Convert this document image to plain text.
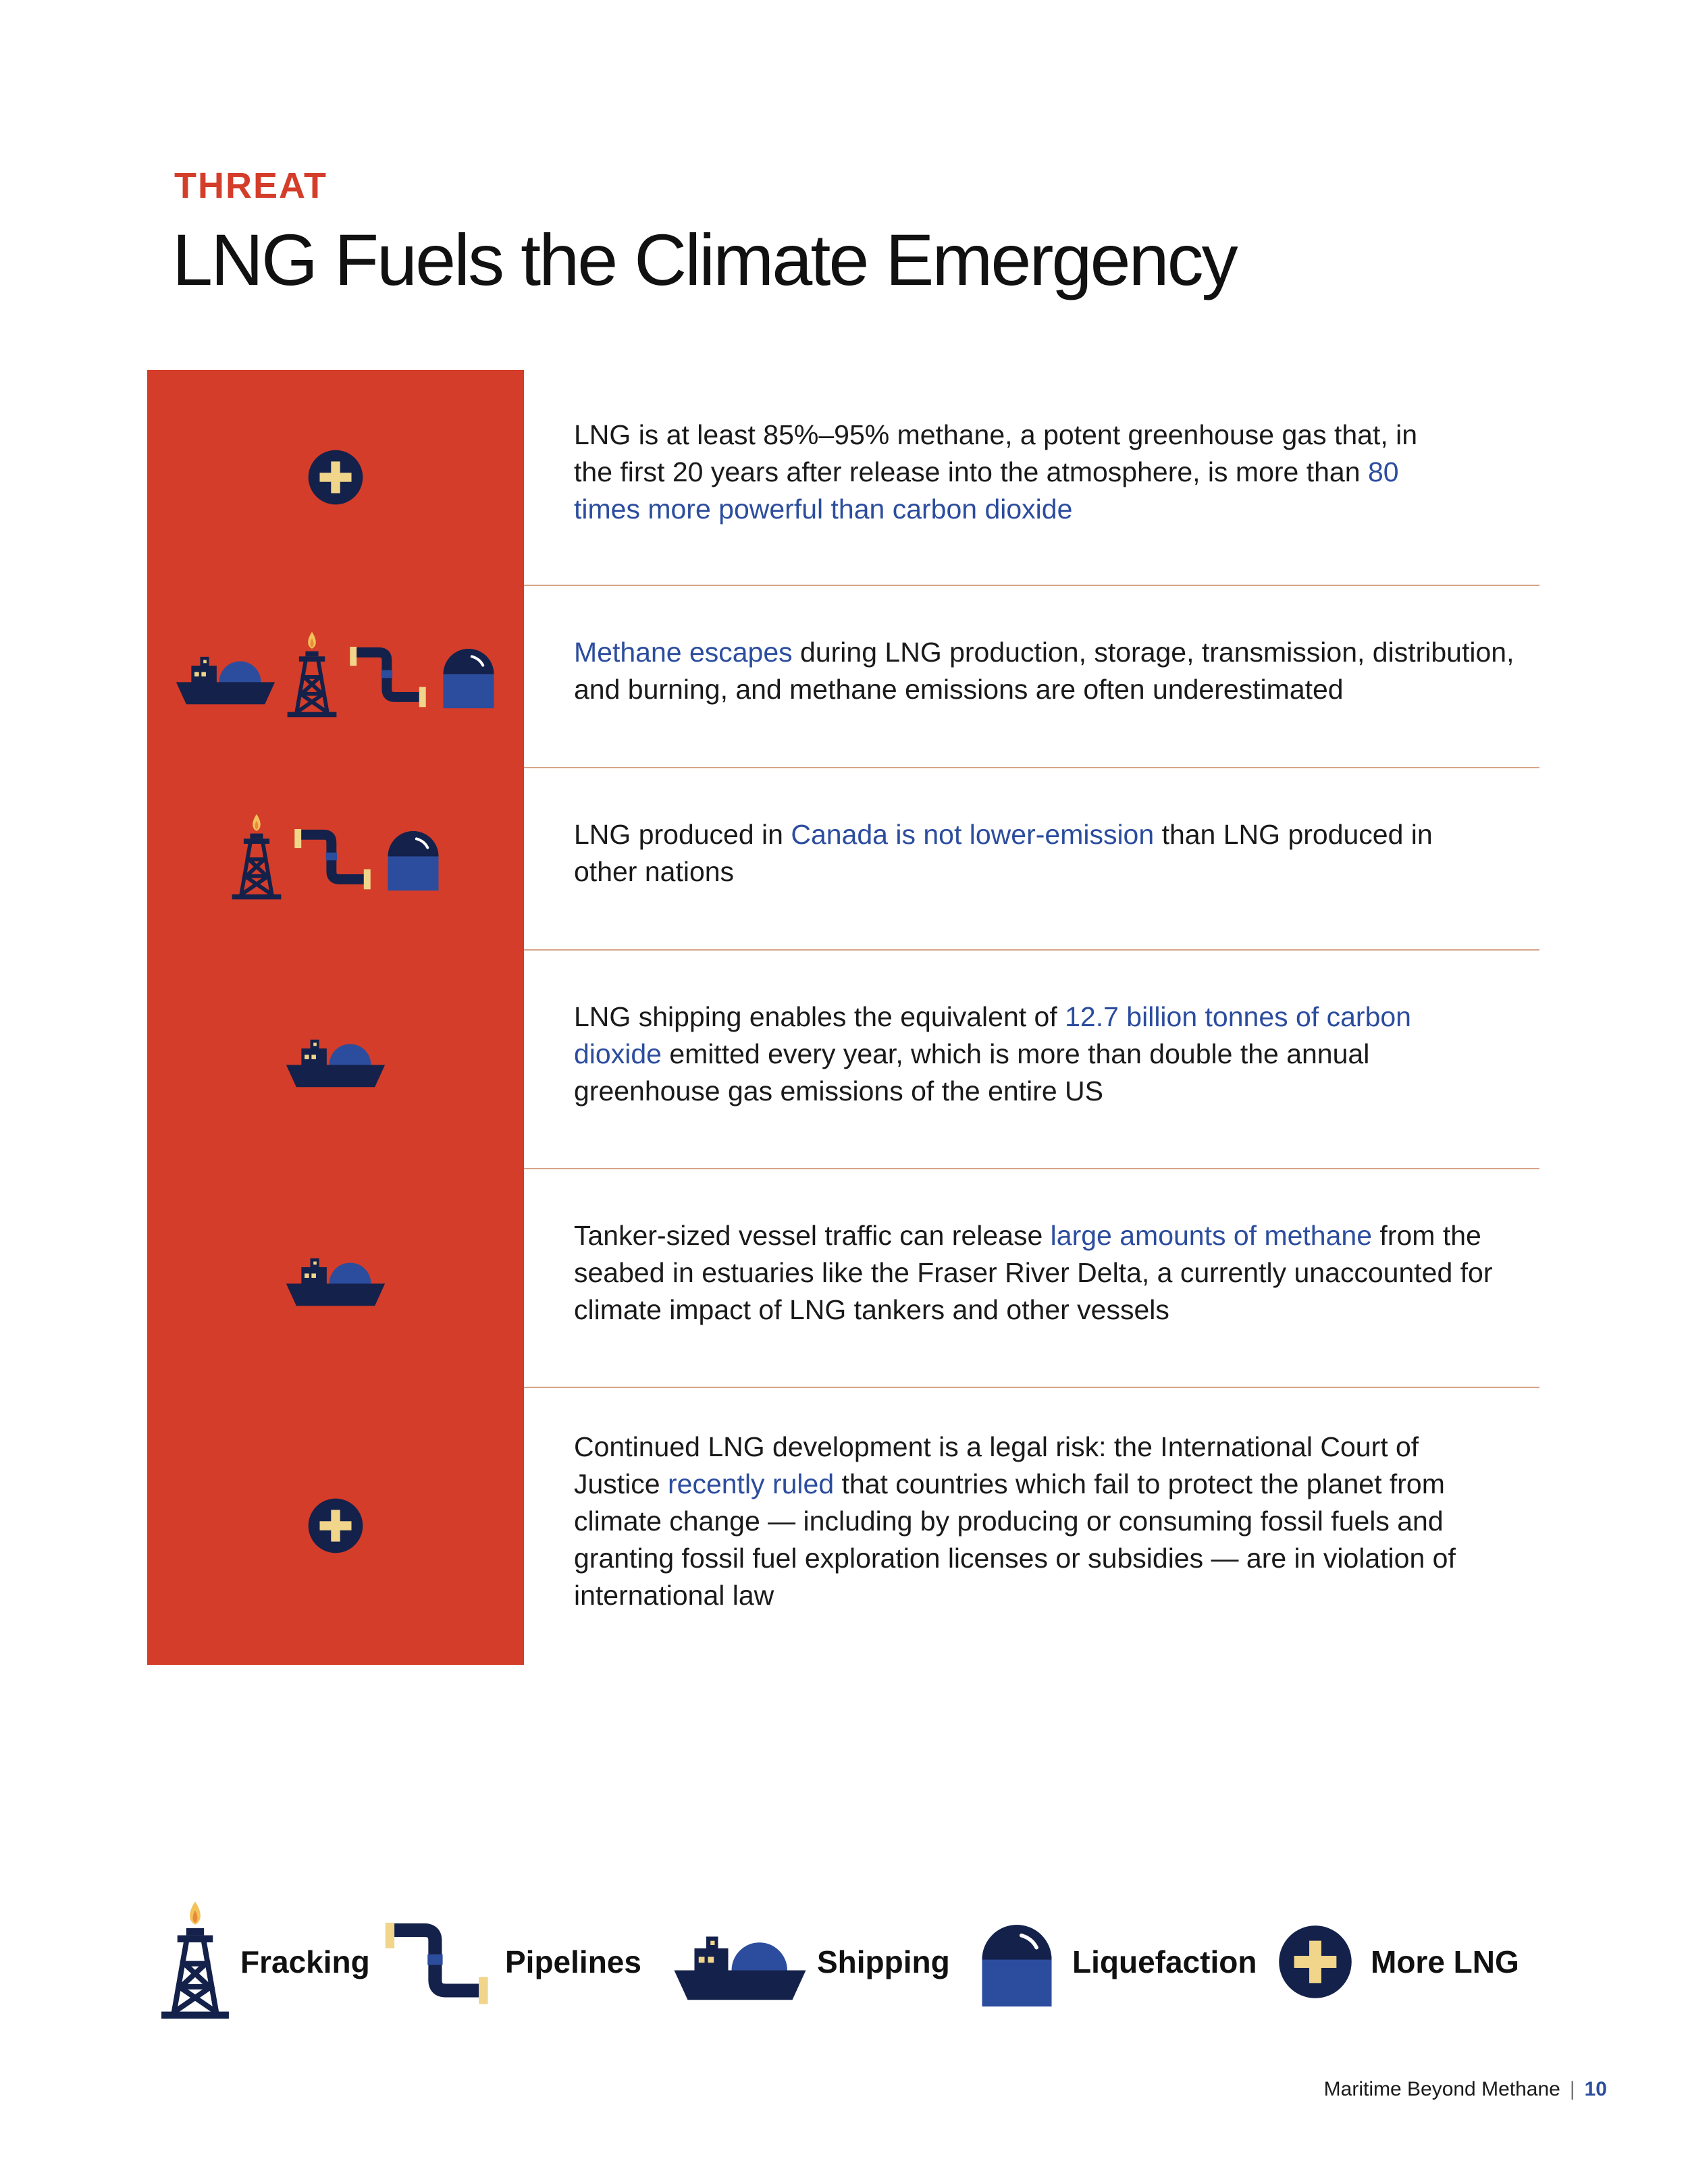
THREAT
LNG Fuels the Climate Emergency
LNG is at least 85%–95% methane, a potent greenhouse gas that, in the first 20 years after release into the atmosphere, is more than 80 times more powerful than carbon dioxide
Methane escapes during LNG production, storage, transmission, distribution, and burning, and methane emissions are often underestimated
LNG produced in Canada is not lower-emission than LNG produced in other nations
LNG shipping enables the equivalent of 12.7 billion tonnes of carbon dioxide emitted every year, which is more than double the annual greenhouse gas emissions of the entire US
Tanker-sized vessel traffic can release large amounts of methane from the seabed in estuaries like the Fraser River Delta, a currently unaccounted for climate impact of LNG tankers and other vessels
Continued LNG development is a legal risk: the International Court of Justice recently ruled that countries which fail to protect the planet from climate change — including by producing or consuming fossil fuels and granting fossil fuel exploration licenses or subsidies — are in violation of international law
Fracking	Pipelines	Shipping	Liquefaction	More LNG
Maritime Beyond Methane | 10
